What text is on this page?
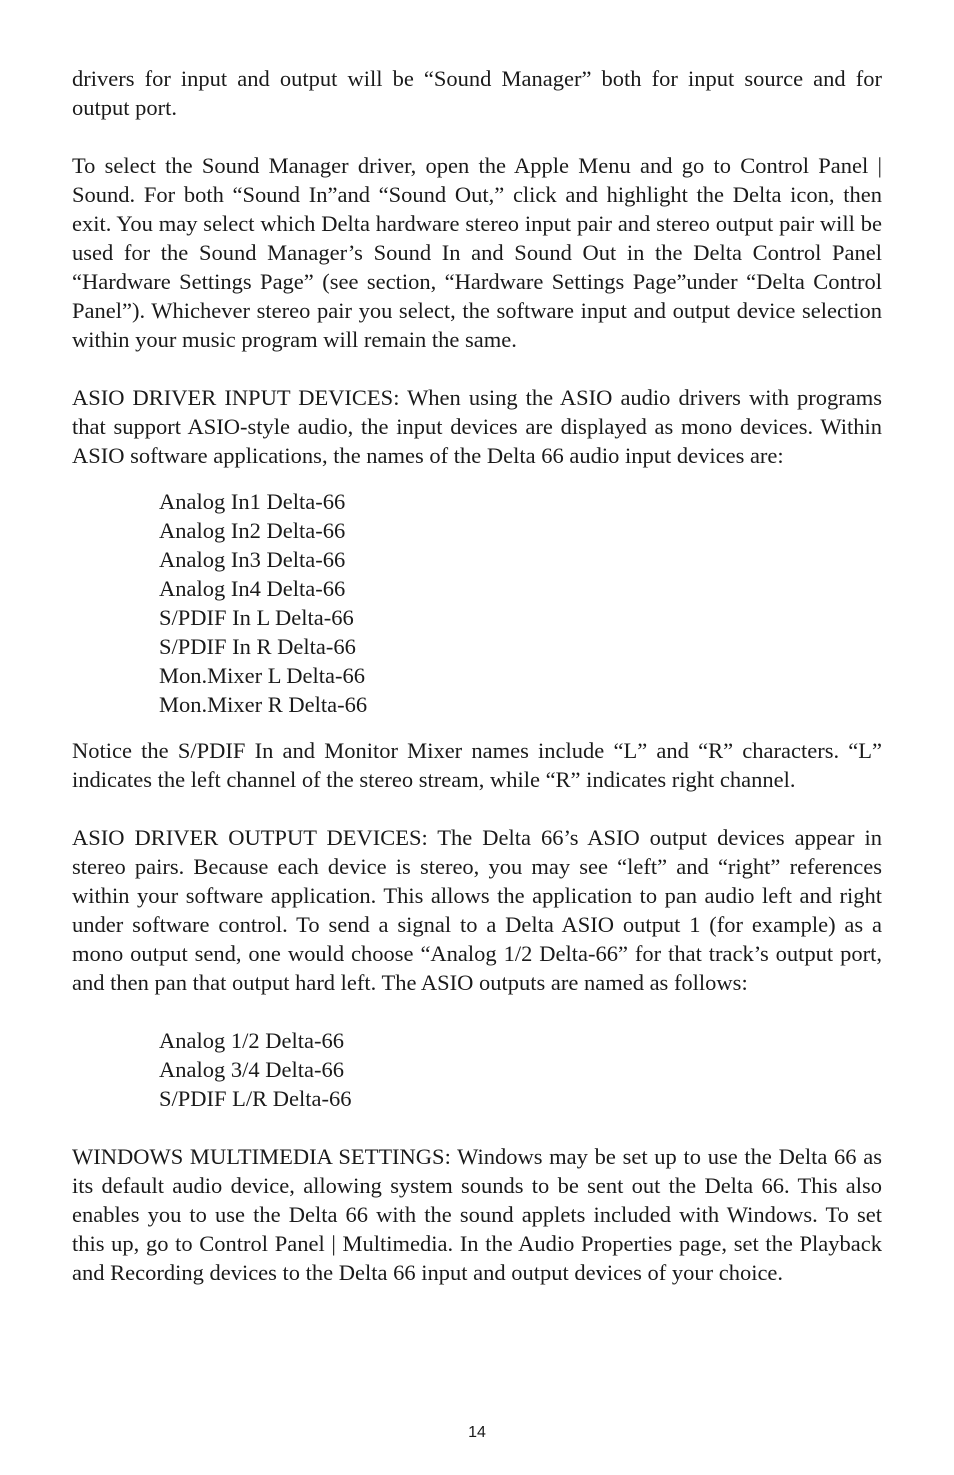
drivers for input and output will be “Sound Manager” both for input source and for output port.

To select the Sound Manager driver, open the Apple Menu and go to Control Panel | Sound. For both “Sound In”and “Sound Out,” click and highlight the Delta icon, then exit. You may select which Delta hardware stereo input pair and stereo output pair will be used for the Sound Manager’s Sound In and Sound Out in the Delta Control Panel “Hardware Settings Page” (see section, “Hardware Settings Page”under “Delta Control Panel”). Whichever stereo pair you select, the software input and output device selection within your music program will remain the same.

ASIO DRIVER INPUT DEVICES: When using the ASIO audio drivers with programs that support ASIO-style audio, the input devices are displayed as mono devices. Within ASIO software applications, the names of the Delta 66 audio input devices are:

Analog In1 Delta-66
Analog In2 Delta-66
Analog In3 Delta-66
Analog In4 Delta-66
S/PDIF In L Delta-66
S/PDIF In R Delta-66
Mon.Mixer L Delta-66
Mon.Mixer R Delta-66

Notice the S/PDIF In and Monitor Mixer names include “L” and “R” characters. “L” indicates the left channel of the stereo stream, while “R” indicates right channel.

ASIO DRIVER OUTPUT DEVICES: The Delta 66’s ASIO output devices appear in stereo pairs. Because each device is stereo, you may see “left” and “right” references within your software application. This allows the application to pan audio left and right under software control. To send a signal to a Delta ASIO output 1 (for example) as a mono output send, one would choose “Analog 1/2 Delta-66” for that track’s output port, and then pan that output hard left. The ASIO outputs are named as follows:

Analog 1/2 Delta-66
Analog 3/4 Delta-66
S/PDIF L/R Delta-66

WINDOWS MULTIMEDIA SETTINGS: Windows may be set up to use the Delta 66 as its default audio device, allowing system sounds to be sent out the Delta 66. This also enables you to use the Delta 66 with the sound applets included with Windows. To set this up, go to Control Panel | Multimedia. In the Audio Properties page, set the Playback and Recording devices to the Delta 66 input and output devices of your choice.

14
